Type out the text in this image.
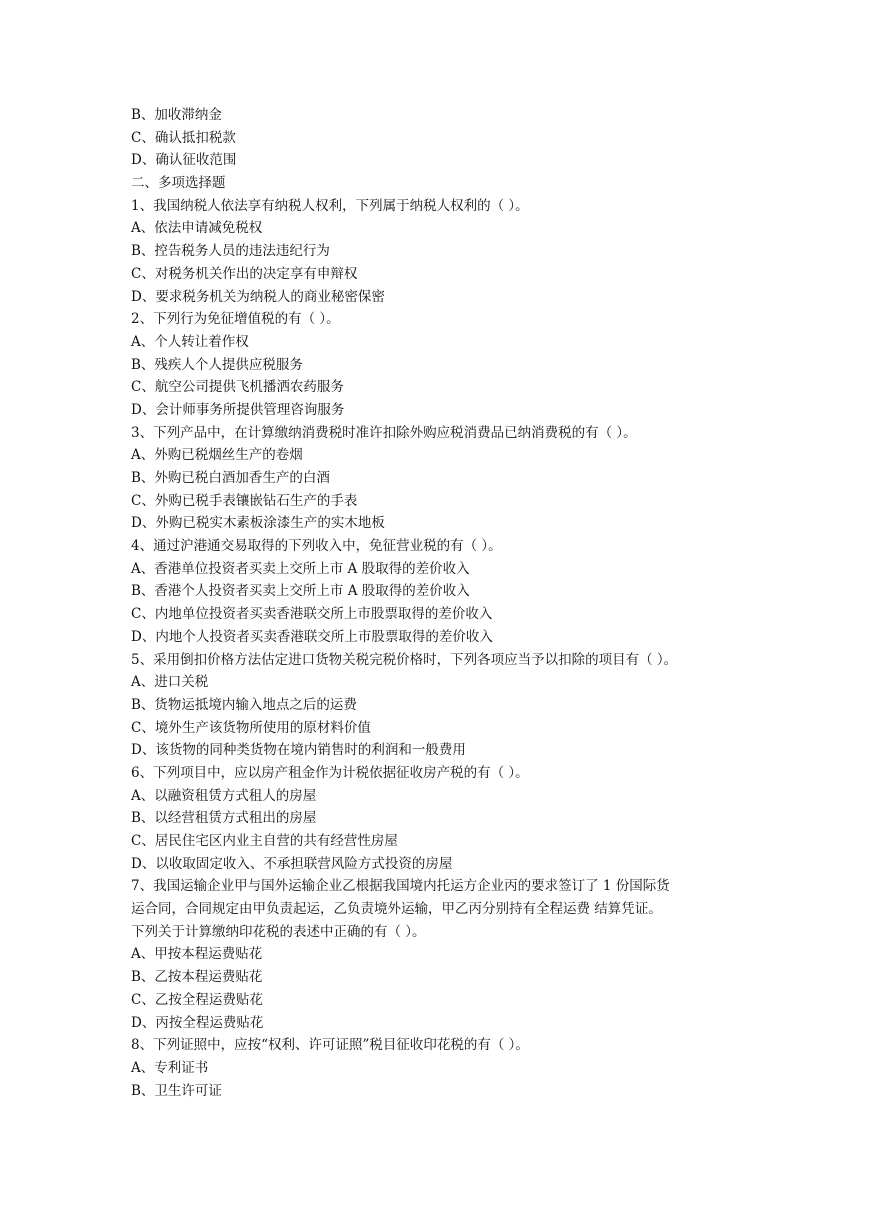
B、加收滞纳金
C、确认抵扣税款
D、确认征收范围
二、多项选择题
1、我国纳税人依法享有纳税人权利，下列属于纳税人权利的（ ）。
A、依法申请减免税权
B、控告税务人员的违法违纪行为
C、对税务机关作出的决定享有申辩权
D、要求税务机关为纳税人的商业秘密保密
2、下列行为免征增值税的有（ ）。
A、个人转让着作权
B、残疾人个人提供应税服务
C、航空公司提供飞机播洒农药服务
D、会计师事务所提供管理咨询服务
3、下列产品中，在计算缴纳消费税时准许扣除外购应税消费品已纳消费税的有（ ）。
A、外购已税烟丝生产的卷烟
B、外购已税白酒加香生产的白酒
C、外购已税手表镶嵌钻石生产的手表
D、外购已税实木素板涂漆生产的实木地板
4、通过沪港通交易取得的下列收入中，免征营业税的有（ ）。
A、香港单位投资者买卖上交所上市 A 股取得的差价收入
B、香港个人投资者买卖上交所上市 A 股取得的差价收入
C、内地单位投资者买卖香港联交所上市股票取得的差价收入
D、内地个人投资者买卖香港联交所上市股票取得的差价收入
5、采用倒扣价格方法估定进口货物关税完税价格时，下列各项应当予以扣除的项目有（ ）。
A、进口关税
B、货物运抵境内输入地点之后的运费
C、境外生产该货物所使用的原材料价值
D、该货物的同种类货物在境内销售时的利润和一般费用
6、下列项目中，应以房产租金作为计税依据征收房产税的有（ ）。
A、以融资租赁方式租人的房屋
B、以经营租赁方式租出的房屋
C、居民住宅区内业主自营的共有经营性房屋
D、以收取固定收入、不承担联营风险方式投资的房屋
7、我国运输企业甲与国外运输企业乙根据我国境内托运方企业丙的要求签订了 1 份国际货
运合同，合同规定由甲负责起运，乙负责境外运输，甲乙丙分别持有全程运费 结算凭证。
下列关于计算缴纳印花税的表述中正确的有（ ）。
A、甲按本程运费贴花
B、乙按本程运费贴花
C、乙按全程运费贴花
D、丙按全程运费贴花
8、下列证照中，应按“权利、许可证照”税目征收印花税的有（ ）。
A、专利证书
B、卫生许可证
